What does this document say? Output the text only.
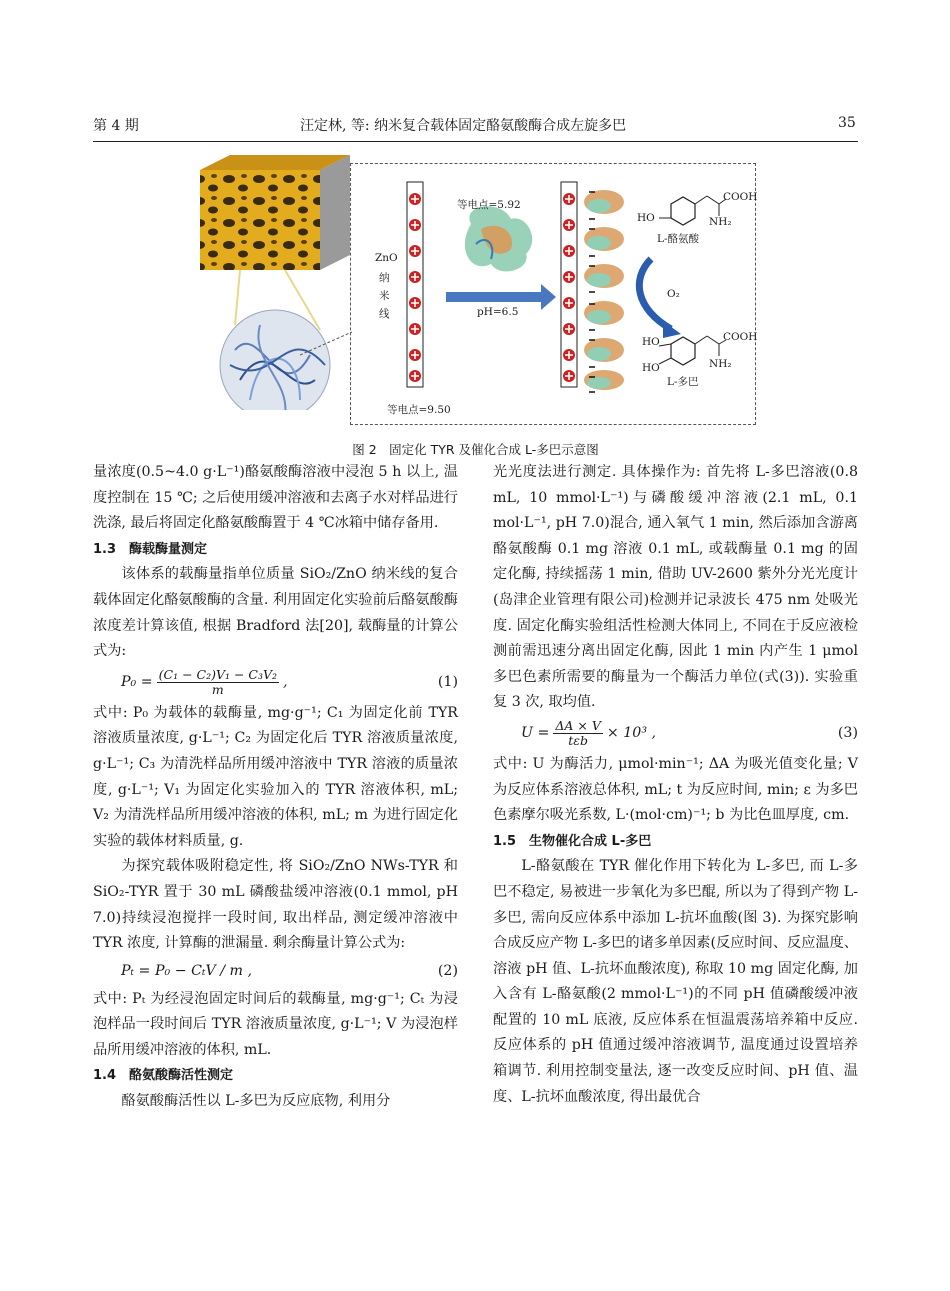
第 4 期	汪定林, 等: 纳米复合载体固定酪氨酸酶合成左旋多巴	35
ZnO
纳
米
线
等电点=9.50
等电点=5.92
pH=6.5
COOH
HO	NH₂
L-酪氨酸
O₂
HO
HO
COOH
NH₂
L-多巴
图 2　固定化 TYR 及催化合成 L-多巴示意图

量浓度(0.5~4.0 g·L⁻¹)酪氨酸酶溶液中浸泡 5 h 以上, 温度控制在 15 ℃; 之后使用缓冲溶液和去离子水对样品进行洗涤, 最后将固定化酪氨酸酶置于 4 ℃冰箱中储存备用.

1.3　酶载酶量测定

该体系的载酶量指单位质量 SiO₂/ZnO 纳米线的复合载体固定化酪氨酸酶的含量. 利用固定化实验前后酪氨酸酶浓度差计算该值, 根据 Bradford 法[20], 载酶量的计算公式为:

$P_0 = \frac{\text{(C₁ − C₂)V₁ − C₃V₂}}{m}$ ,	(1)

式中: P₀ 为载体的载酶量, mg·g⁻¹; C₁ 为固定化前 TYR 溶液质量浓度, g·L⁻¹; C₂ 为固定化后 TYR 溶液质量浓度, g·L⁻¹; C₃ 为清洗样品所用缓冲溶液中 TYR 溶液的质量浓度, g·L⁻¹; V₁ 为固定化实验加入的 TYR 溶液体积, mL; V₂ 为清洗样品所用缓冲溶液的体积, mL; m 为进行固定化实验的载体材料质量, g.

为探究载体吸附稳定性, 将 SiO₂/ZnO NWs-TYR 和 SiO₂-TYR 置于 30 mL 磷酸盐缓冲溶液(0.1 mmol, pH 7.0)持续浸泡搅拌一段时间, 取出样品, 测定缓冲溶液中 TYR 浓度, 计算酶的泄漏量. 剩余酶量计算公式为:

Pₜ = P₀ − CₜV / m ,	(2)

式中: Pₜ 为经浸泡固定时间后的载酶量, mg·g⁻¹; Cₜ 为浸泡样品一段时间后 TYR 溶液质量浓度, g·L⁻¹; V 为浸泡样品所用缓冲溶液的体积, mL.

1.4　酪氨酸酶活性测定

酪氨酸酶活性以 L-多巴为反应底物, 利用分

光光度法进行测定. 具体操作为: 首先将 L-多巴溶液(0.8 mL, 10 mmol·L⁻¹)与磷酸缓冲溶液(2.1 mL, 0.1 mol·L⁻¹, pH 7.0)混合, 通入氧气 1 min, 然后添加含游离酪氨酸酶 0.1 mg 溶液 0.1 mL, 或载酶量 0.1 mg 的固定化酶, 持续摇荡 1 min, 借助 UV-2600 紫外分光光度计(岛津企业管理有限公司)检测并记录波长 475 nm 处吸光度. 固定化酶实验组活性检测大体同上, 不同在于反应液检测前需迅速分离出固定化酶, 因此 1 min 内产生 1 μmol 多巴色素所需要的酶量为一个酶活力单位(式(3)). 实验重复 3 次, 取均值.

$U = \frac{\Delta A \times V}{\text{tεb}} \times 10^3$ ,	(3)

式中: U 为酶活力, μmol·min⁻¹; ΔA 为吸光值变化量; V 为反应体系溶液总体积, mL; t 为反应时间, min; ε 为多巴色素摩尔吸光系数, L·(mol·cm)⁻¹; b 为比色皿厚度, cm.

1.5　生物催化合成 L-多巴

L-酪氨酸在 TYR 催化作用下转化为 L-多巴, 而 L-多巴不稳定, 易被进一步氧化为多巴醌, 所以为了得到产物 L-多巴, 需向反应体系中添加 L-抗坏血酸(图 3). 为探究影响合成反应产物 L-多巴的诸多单因素(反应时间、反应温度、溶液 pH 值、L-抗坏血酸浓度), 称取 10 mg 固定化酶, 加入含有 L-酪氨酸(2 mmol·L⁻¹)的不同 pH 值磷酸缓冲液配置的 10 mL 底液, 反应体系在恒温震荡培养箱中反应. 反应体系的 pH 值通过缓冲溶液调节, 温度通过设置培养箱调节. 利用控制变量法, 逐一改变反应时间、pH 值、温度、L-抗坏血酸浓度, 得出最优合
